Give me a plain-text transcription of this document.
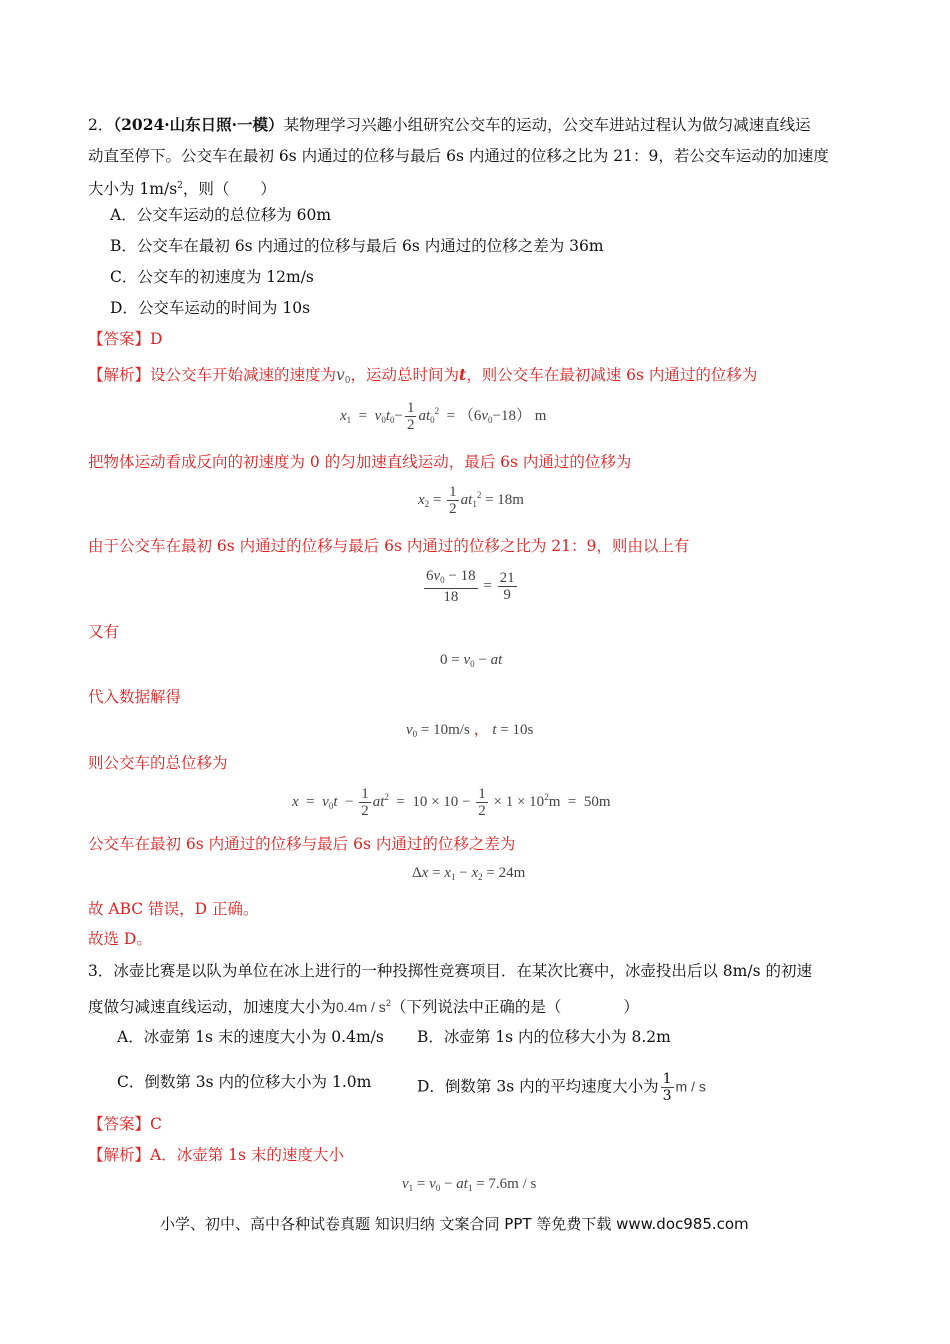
2．（2024·山东日照·一模）某物理学习兴趣小组研究公交车的运动，公交车进站过程认为做匀减速直线运
动直至停下。公交车在最初 6s 内通过的位移与最后 6s 内通过的位移之比为 21：9，若公交车运动的加速度
大小为 $1m/s^2$，则（　　）
A．公交车运动的总位移为 60m
B．公交车在最初 6s 内通过的位移与最后 6s 内通过的位移之差为 36m
C．公交车的初速度为 12m/s
D．公交车运动的时间为 10s
【答案】D
【解析】设公交车开始减速的速度为$v_0$，运动总时间为t，则公交车在最初减速 6s 内通过的位移为
$x_1 = v_0t_0- \frac{1}{2} at_0^2 = (6v_0-18)$ m
把物体运动看成反向的初速度为 0 的匀加速直线运动，最后 6s 内通过的位移为
$x_2 = \frac{1}{2} at_1^2 = 18m$
由于公交车在最初 6s 内通过的位移与最后 6s 内通过的位移之比为 21：9，则由以上有
$\frac{6v_0 - 18}{18} = \frac{21}{9}$
又有
$0 = v_0$ − at
代入数据解得
$v_0 = 10m/s$ ， t = 10s
则公交车的总位移为
$x = v_0t - \frac{1}{2} at^2 = 10 \times 10 - \frac{1}{2} \times 1 \times 10^2m = 50m$
公交车在最初 6s 内通过的位移与最后 6s 内通过的位移之差为
$\Delta x = x_1 - x_2 = 24m$
故 ABC 错误，D 正确。
故选 D。
3．冰壶比赛是以队为单位在冰上进行的一种投掷性竞赛项目．在某次比赛中，冰壶投出后以 8m/s 的初速
度做匀减速直线运动，加速度大小为$0.4m / s^2$（下列说法中正确的是（　　　　）
A．冰壶第 1s 末的速度大小为 0.4m/s B．冰壶第 1s 内的位移大小为 8.2m
C．倒数第 3s 内的位移大小为 1.0m	D．倒数第 3s 内的平均速度大小为 $\frac{1}{3}$ m / s
【答案】C
【解析】A．冰壶第 1s 末的速度大小
$v_1 = v_0 - at_1 = 7.6m / s$
小学、初中、高中各种试卷真题 知识归纳 文案合同 PPT 等免费下载 www.doc985.com
